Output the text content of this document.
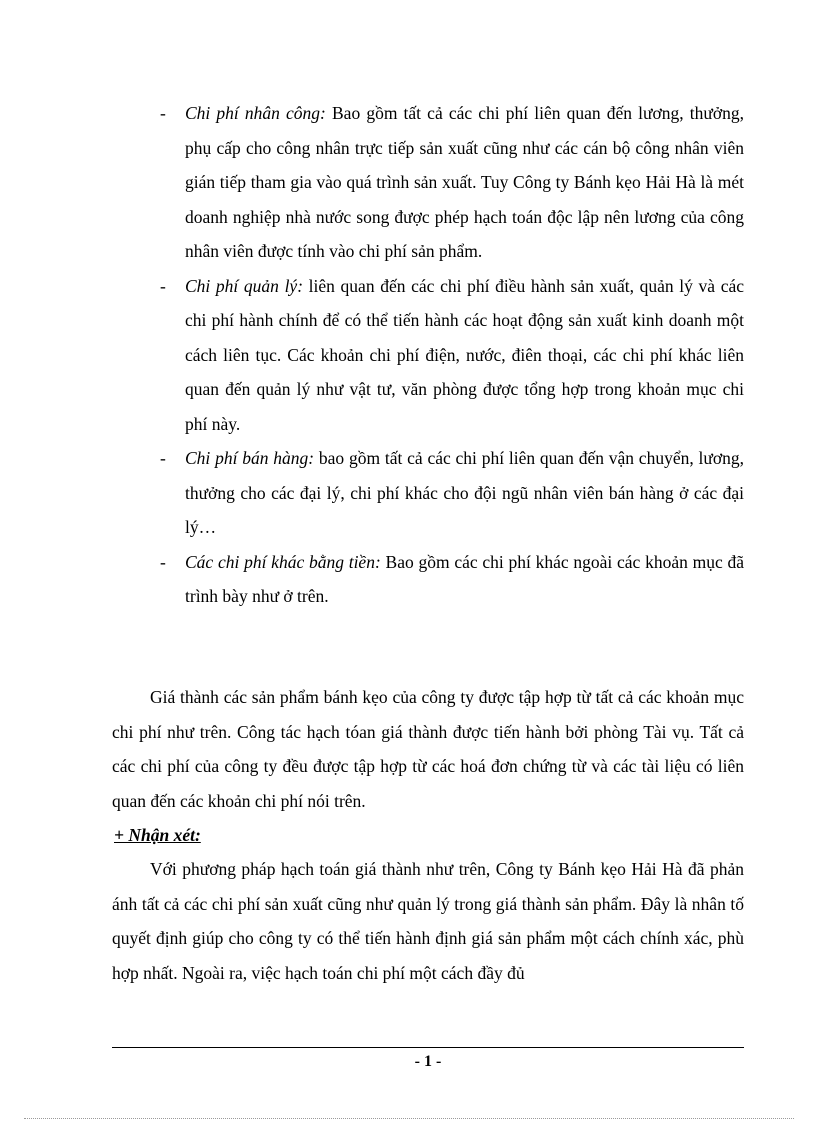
- Chi phí nhân công: Bao gồm tất cả các chi phí liên quan đến lương, thưởng, phụ cấp cho công nhân trực tiếp sản xuất cũng như các cán bộ công nhân viên gián tiếp tham gia vào quá trình sản xuất. Tuy Công ty Bánh kẹo Hải Hà là mét doanh nghiệp nhà nước song được phép hạch toán độc lập nên lương của công nhân viên được tính vào chi phí sản phẩm.
- Chi phí quản lý: liên quan đến các chi phí điều hành sản xuất, quản lý và các chi phí hành chính để có thể tiến hành các hoạt động sản xuất kinh doanh một cách liên tục. Các khoản chi phí điện, nước, điên thoại, các chi phí khác liên quan đến quản lý như vật tư, văn phòng được tổng hợp trong khoản mục chi phí này.
- Chi phí bán hàng: bao gồm tất cả các chi phí liên quan đến vận chuyển, lương, thưởng cho các đại lý, chi phí khác cho đội ngũ nhân viên bán hàng ở các đại lý…
- Các chi phí khác bằng tiền: Bao gồm các chi phí khác ngoài các khoản mục đã trình bày như ở trên.

Giá thành các sản phẩm bánh kẹo của công ty được tập hợp từ tất cả các khoản mục chi phí như trên. Công tác hạch tóan giá thành được tiến hành bởi phòng Tài vụ. Tất cả các chi phí của công ty đều được tập hợp từ các hoá đơn chứng từ và các tài liệu có liên quan đến các khoản chi phí nói trên.

+ Nhận xét:

Với phương pháp hạch toán giá thành như trên, Công ty Bánh kẹo Hải Hà đã phản ánh tất cả các chi phí sản xuất cũng như quản lý trong giá thành sản phẩm. Đây là nhân tố quyết định giúp cho công ty có thể tiến hành định giá sản phẩm một cách chính xác, phù hợp nhất. Ngoài ra, việc hạch toán chi phí một cách đầy đủ

- 1 -
